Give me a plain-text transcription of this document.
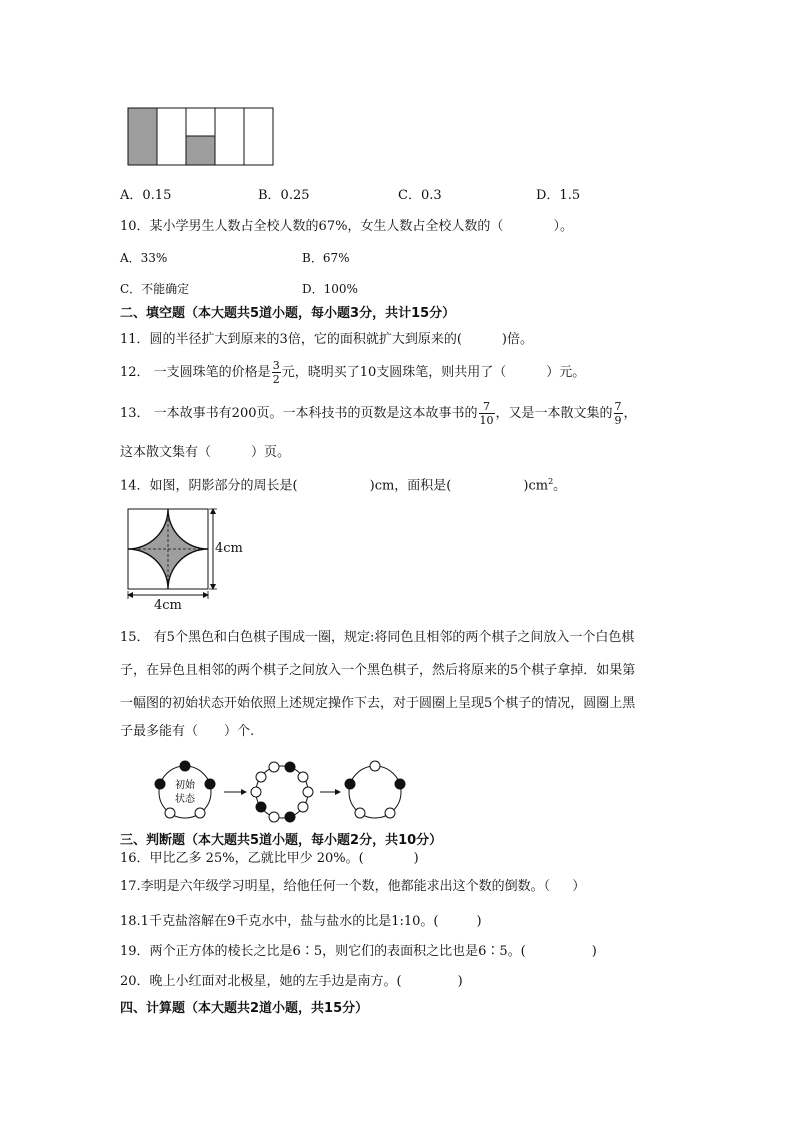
A．0.15	B．0.25	C．0.3	D．1.5
10．某小学男生人数占全校人数的67%，女生人数占全校人数的（	）。
A．33%	B．67%
C．不能确定	D．100%
二、填空题（本大题共5道小题，每小题3分，共计15分）
11．圆的半径扩大到原来的3倍，它的面积就扩大到原来的(	)倍。
12． 一支圆珠笔的价格是 $\frac{3}{2}$ 元，晓明买了10支圆珠笔，则共用了（	）元。
13． 一本故事书有200页。一本科技书的页数是这本故事书的 $\frac{7}{10}$ ，又是一本散文集的 $\frac{7}{9}$ ，
这本散文集有（	）页。
14．如图，阴影部分的周长是(	)cm，面积是(	)$cm^2$。
4cm
4cm
15． 有5个黑色和白色棋子围成一圈，规定:将同色且相邻的两个棋子之间放入一个白色棋
子，在异色且相邻的两个棋子之间放入一个黑色棋子，然后将原来的5个棋子拿掉．如果第
一幅图的初始状态开始依照上述规定操作下去，对于圆圈上呈现5个棋子的情况，圆圈上黑
子最多能有（ ）个.
初始
状态
三、判断题（本大题共5道小题，每小题2分，共10分）
16．甲比乙多 25%，乙就比甲少 20%。(	)
17.李明是六年级学习明星，给他任何一个数，他都能求出这个数的倒数。（ ）
18.1千克盐溶解在9千克水中，盐与盐水的比是1:10。(	)
19．两个正方体的棱长之比是6∶5，则它们的表面积之比也是6∶5。(	)
20．晚上小红面对北极星，她的左手边是南方。(	)
四、计算题（本大题共2道小题，共15分）
